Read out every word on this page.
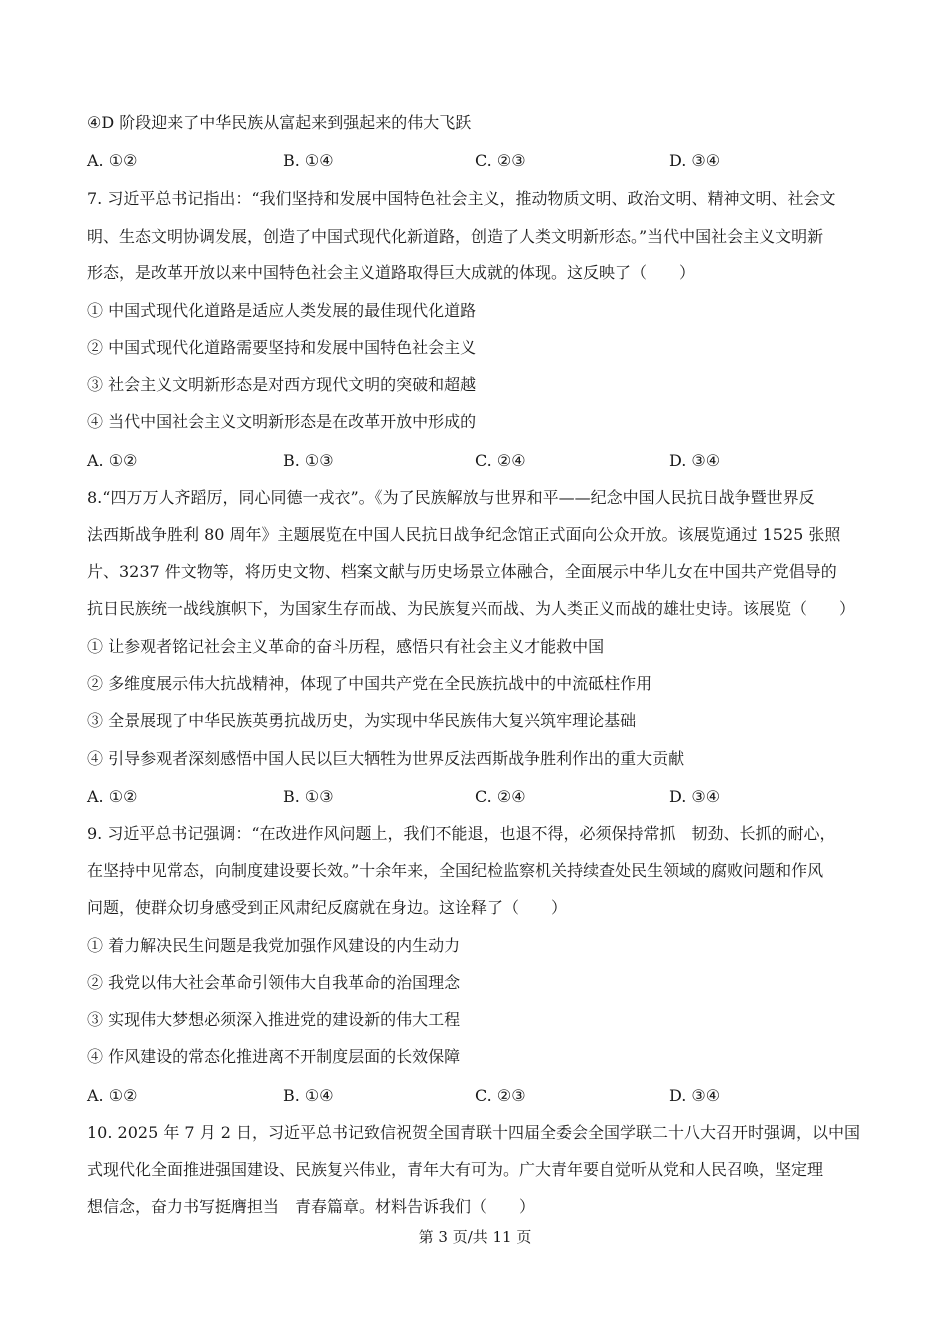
④D 阶段迎来了中华民族从富起来到强起来的伟大飞跃
A. ①②	B. ①④	C. ②③	D. ③④
7. 习近平总书记指出：“我们坚持和发展中国特色社会主义，推动物质文明、政治文明、精神文明、社会文
明、生态文明协调发展，创造了中国式现代化新道路，创造了人类文明新形态。”当代中国社会主义文明新
形态，是改革开放以来中国特色社会主义道路取得巨大成就的体现。这反映了（　　）
① 中国式现代化道路是适应人类发展的最佳现代化道路
② 中国式现代化道路需要坚持和发展中国特色社会主义
③ 社会主义文明新形态是对西方现代文明的突破和超越
④ 当代中国社会主义文明新形态是在改革开放中形成的
A. ①②	B. ①③	C. ②④	D. ③④
8.“四万万人齐蹈厉，同心同德一戎衣”。《为了民族解放与世界和平——纪念中国人民抗日战争暨世界反
法西斯战争胜利 80 周年》主题展览在中国人民抗日战争纪念馆正式面向公众开放。该展览通过 1525 张照
片、3237 件文物等，将历史文物、档案文献与历史场景立体融合，全面展示中华儿女在中国共产党倡导的
抗日民族统一战线旗帜下，为国家生存而战、为民族复兴而战、为人类正义而战的雄壮史诗。该展览（　　）
① 让参观者铭记社会主义革命的奋斗历程，感悟只有社会主义才能救中国
② 多维度展示伟大抗战精神，体现了中国共产党在全民族抗战中的中流砥柱作用
③ 全景展现了中华民族英勇抗战历史，为实现中华民族伟大复兴筑牢理论基础
④ 引导参观者深刻感悟中国人民以巨大牺牲为世界反法西斯战争胜利作出的重大贡献
A. ①②	B. ①③	C. ②④	D. ③④
9. 习近平总书记强调：“在改进作风问题上，我们不能退，也退不得，必须保持常抓　韧劲、长抓的耐心，
在坚持中见常态，向制度建设要长效。”十余年来，全国纪检监察机关持续查处民生领域的腐败问题和作风
问题，使群众切身感受到正风肃纪反腐就在身边。这诠释了（　　）
① 着力解决民生问题是我党加强作风建设的内生动力
② 我党以伟大社会革命引领伟大自我革命的治国理念
③ 实现伟大梦想必须深入推进党的建设新的伟大工程
④ 作风建设的常态化推进离不开制度层面的长效保障
A. ①②	B. ①④	C. ②③	D. ③④
10. 2025 年 7 月 2 日，习近平总书记致信祝贺全国青联十四届全委会全国学联二十八大召开时强调，以中国
式现代化全面推进强国建设、民族复兴伟业，青年大有可为。广大青年要自觉听从党和人民召唤，坚定理
想信念，奋力书写挺膺担当　青春篇章。材料告诉我们（　　）
第 3 页/共 11 页
